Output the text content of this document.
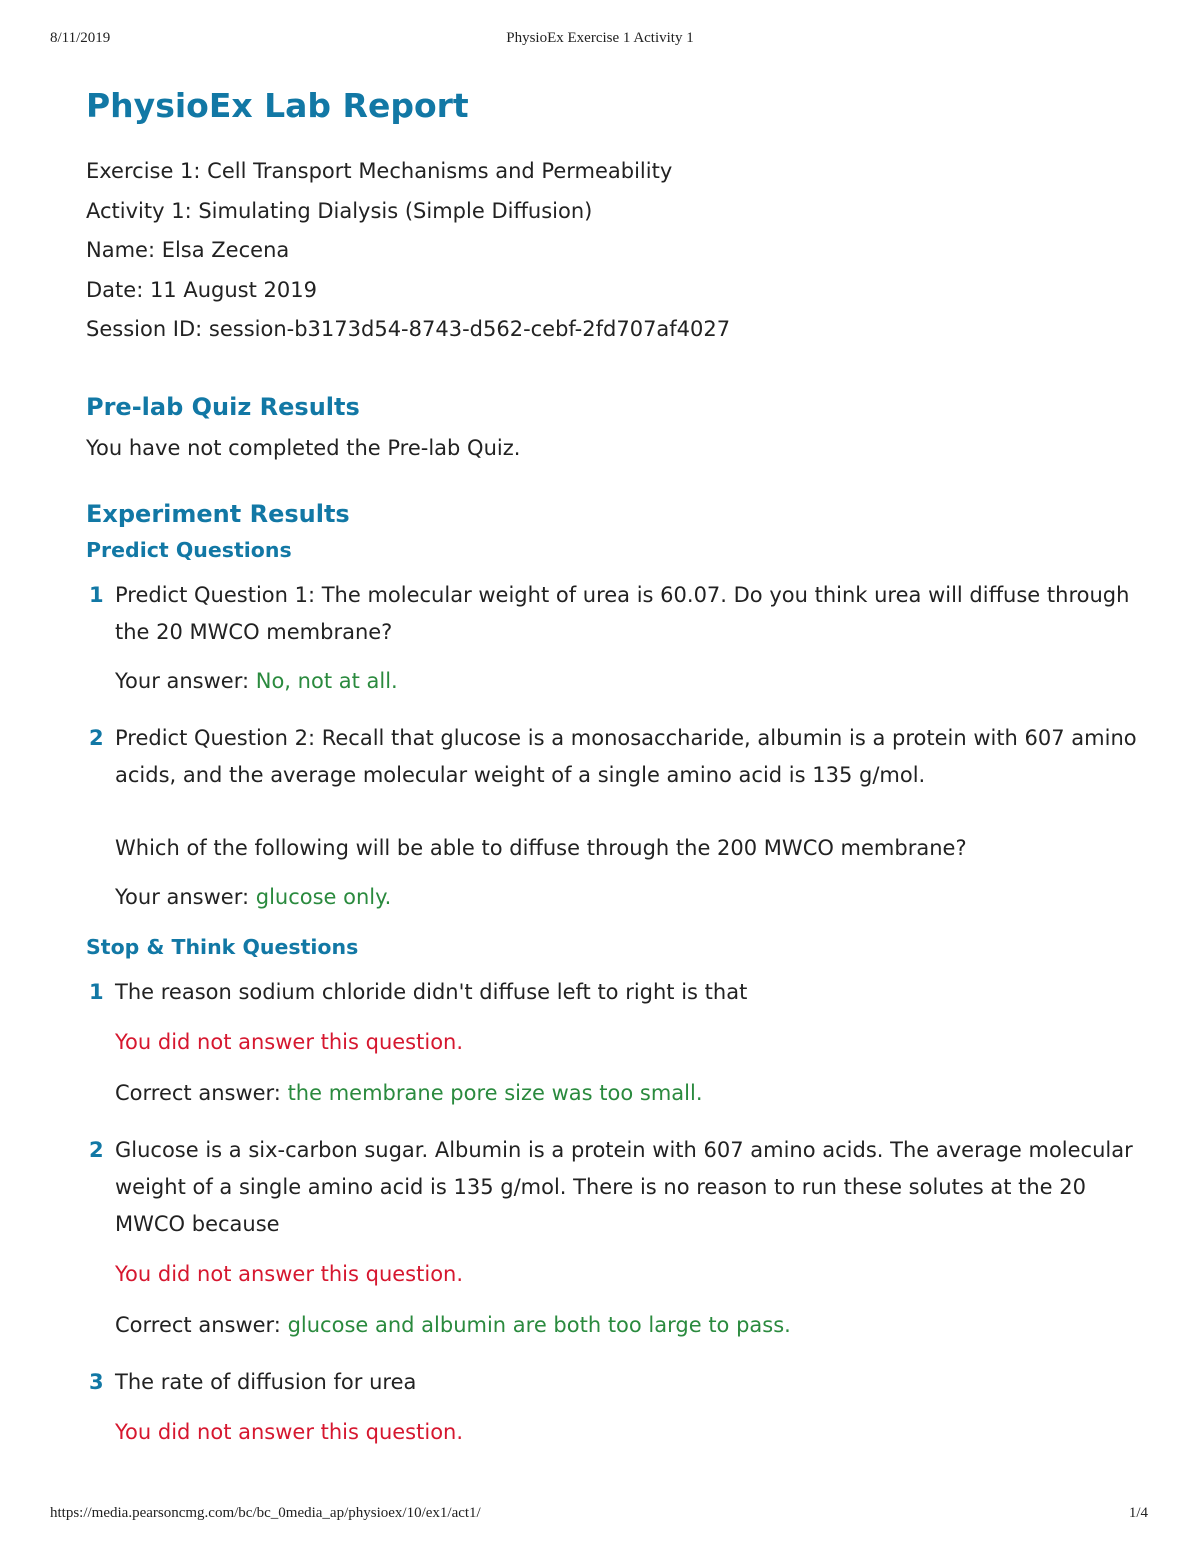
8/11/2019	PhysioEx Exercise 1 Activity 1
PhysioEx Lab Report
Exercise 1: Cell Transport Mechanisms and Permeability
Activity 1: Simulating Dialysis (Simple Diffusion)
Name: Elsa Zecena
Date: 11 August 2019
Session ID: session-b3173d54-8743-d562-cebf-2fd707af4027
Pre-lab Quiz Results
You have not completed the Pre-lab Quiz.
Experiment Results
Predict Questions
1 Predict Question 1: The molecular weight of urea is 60.07. Do you think urea will diffuse through the 20 MWCO membrane?
Your answer: No, not at all.
2 Predict Question 2: Recall that glucose is a monosaccharide, albumin is a protein with 607 amino acids, and the average molecular weight of a single amino acid is 135 g/mol.
Which of the following will be able to diffuse through the 200 MWCO membrane?
Your answer: glucose only.
Stop & Think Questions
1 The reason sodium chloride didn't diffuse left to right is that
You did not answer this question.
Correct answer: the membrane pore size was too small.
2 Glucose is a six-carbon sugar. Albumin is a protein with 607 amino acids. The average molecular weight of a single amino acid is 135 g/mol. There is no reason to run these solutes at the 20 MWCO because
You did not answer this question.
Correct answer: glucose and albumin are both too large to pass.
3 The rate of diffusion for urea
You did not answer this question.
https://media.pearsoncmg.com/bc/bc_0media_ap/physioex/10/ex1/act1/	1/4
